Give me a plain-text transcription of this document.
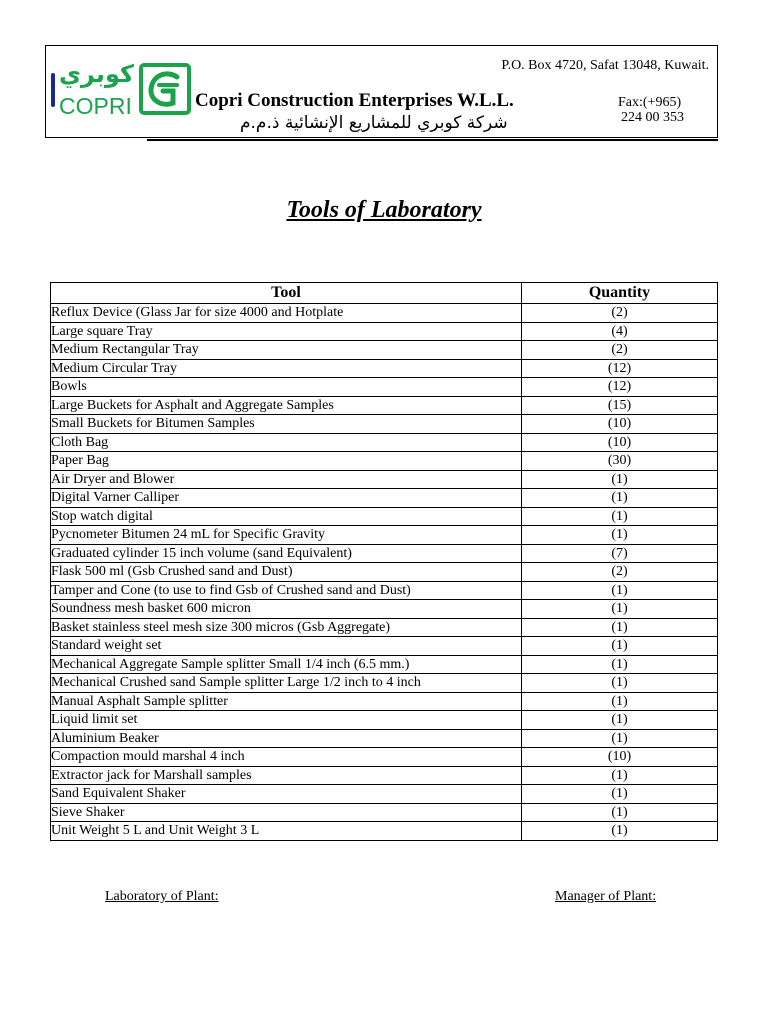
كوبري
COPRI	Copri Construction Enterprises W.L.L.
شركة كوبري للمشاريع الإنشائية ذ.م.م
P.O. Box 4720, Safat 13048, Kuwait.
Fax:(+965)
224 00 353
Tools of Laboratory
Tool	Quantity
Reflux Device (Glass Jar for size 4000 and Hotplate	(2)
Large square Tray	(4)
Medium Rectangular Tray	(2)
Medium Circular Tray	(12)
Bowls	(12)
Large Buckets for Asphalt and Aggregate Samples	(15)
Small Buckets for Bitumen Samples	(10)
Cloth Bag	(10)
Paper Bag	(30)
Air Dryer and Blower	(1)
Digital Varner Calliper	(1)
Stop watch digital	(1)
Pycnometer Bitumen 24 mL for Specific Gravity	(1)
Graduated cylinder 15 inch volume (sand Equivalent)	(7)
Flask 500 ml (Gsb Crushed sand and Dust)	(2)
Tamper and Cone (to use to find Gsb of Crushed sand and Dust)	(1)
Soundness mesh basket 600 micron	(1)
Basket stainless steel mesh size 300 micros (Gsb Aggregate)	(1)
Standard weight set	(1)
Mechanical Aggregate Sample splitter Small 1/4 inch (6.5 mm.)	(1)
Mechanical Crushed sand Sample splitter Large 1/2 inch to 4 inch	(1)
Manual Asphalt Sample splitter	(1)
Liquid limit set	(1)
Aluminium Beaker	(1)
Compaction mould marshal 4 inch	(10)
Extractor jack for Marshall samples	(1)
Sand Equivalent Shaker	(1)
Sieve Shaker	(1)
Unit Weight 5 L and Unit Weight 3 L	(1)
Laboratory of Plant:	Manager of Plant:
